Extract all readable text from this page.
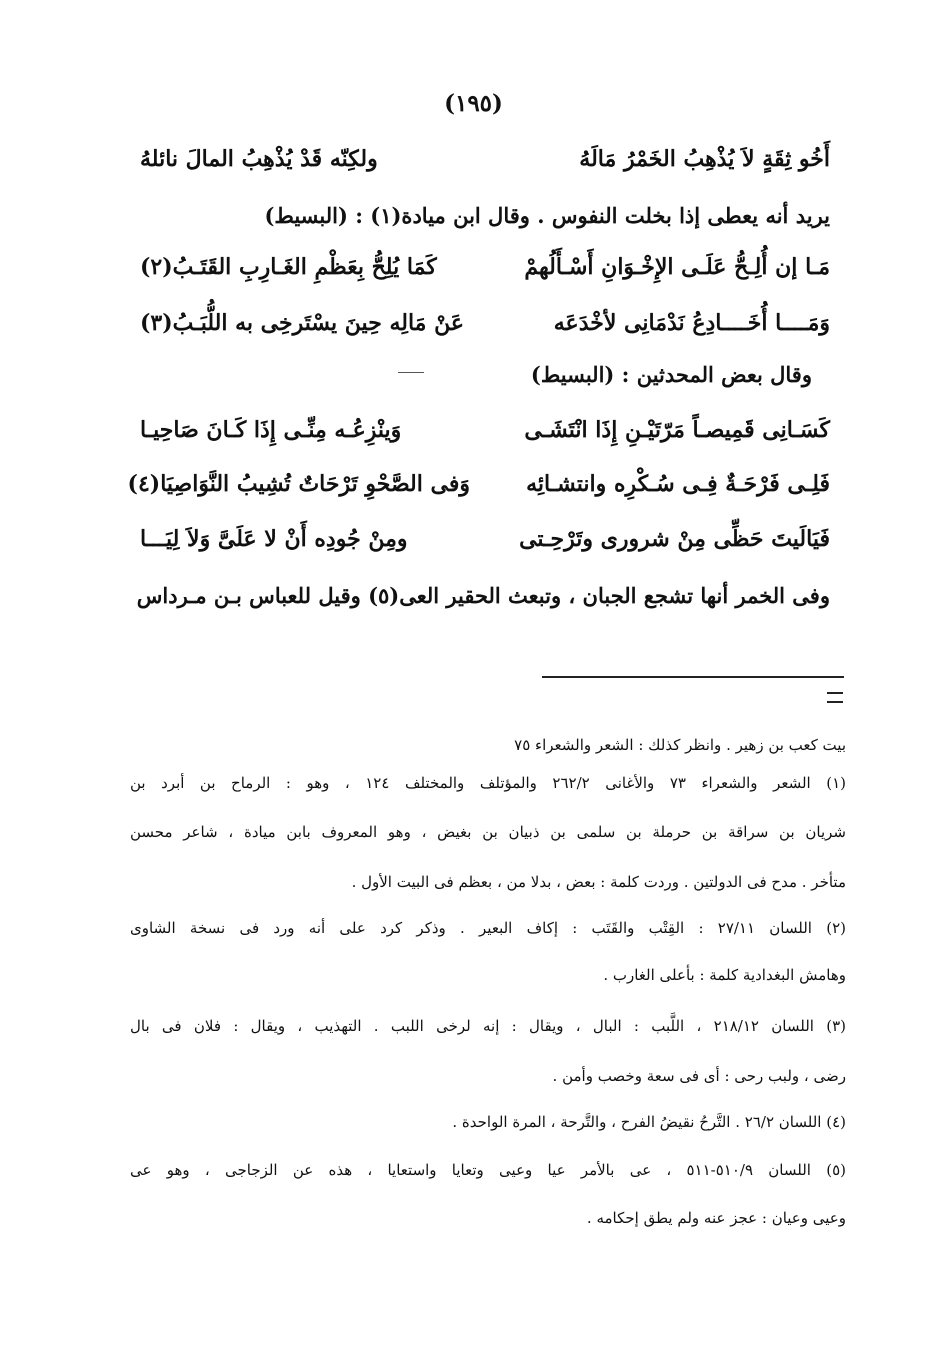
(١٩٥)
أَخُو ثِقَةٍ لاَ يُذْهِبُ الخَمْرُ مَالَهُ
ولكِنّه قَدْ يُذْهِبُ المالَ نائلهُ
يريد أنه يعطى إذا بخلت النفوس . وقال ابن ميادة(١) : (البسيط)
مَـا إن أُلِـحُّ عَلَـى الإِخْـوَانِ أَسْـأَلُهمْ
كَمَا يُلِحُّ بِعَظْمِ الغَـارِبِ القَتَـبُ(٢)
وَمَــــا أُخَــــادِعُ نَدْمَانِى لأخْدَعَه
عَنْ مَالِه حِينَ يسْتَرخِى به اللُّبَـبُ(٣)
وقال بعض المحدثين : (البسيط)
كَسَـانِى قَمِيصـاً مَرّتَيْـنِ إِذَا انْتَشَـى
وَينْزِعُـه مِنِّـى إِذَا كَـانَ صَاحِيـا
فَلِـى فَرْحَـةٌ فِـى سُـكْرِه وانتشـائِه
وَفى الصَّحْوِ تَرْحَاتٌ تُشِيبُ النَّوَاصِيَا(٤)
فَيَالَيتَ حَظِّى مِنْ شرورى وتَرْحِـتى
ومِنْ جُودِه أَنْ لا عَلَىَّ وَلاَ لِيَـــا
وفى الخمر أنها تشجع الجبان ، وتبعث الحقير العى(٥) وقيل للعباس بـن مـرداس
بيت كعب بن زهير . وانظر كذلك : الشعر والشعراء ٧٥
(١) الشعر والشعراء ٧٣ والأغانى ٢٦٢/٢ والمؤتلف والمختلف ١٢٤ ، وهو : الرماح بن أبرد بن
شريان بن سراقة بن حرملة بن سلمى بن ذبيان بن بغيض ، وهو المعروف بابن ميادة ، شاعر محسن
متأخر . مدح فى الدولتين . وردت كلمة : بعض ، بدلا من ، بعظم فى البيت الأول .
(٢) اللسان ٢٧/١١ : القِتْب والقَتَب : إكاف البعير . وذكر كرد على أنه ورد فى نسخة الشاوى
وهامش البغدادية كلمة : بأعلى الغارب .
(٣) اللسان ٢١٨/١٢ ، اللَّبب : البال ، ويقال : إنه لرخى اللبب . التهذيب ، ويقال : فلان فى بال
رضى ، ولبب رحى : أى فى سعة وخصب وأمن .
(٤) اللسان ٢٦/٢ . التَّرحُ نقيضُ الفرح ، والتَّرحة ، المرة الواحدة .
(٥) اللسان ٥١٠/٩-٥١١ ، عى بالأمر عيا وعيى وتعايا واستعايا ، هذه عن الزجاجى ، وهو عى
وعيى وعيان : عجز عنه ولم يطق إحكامه .
